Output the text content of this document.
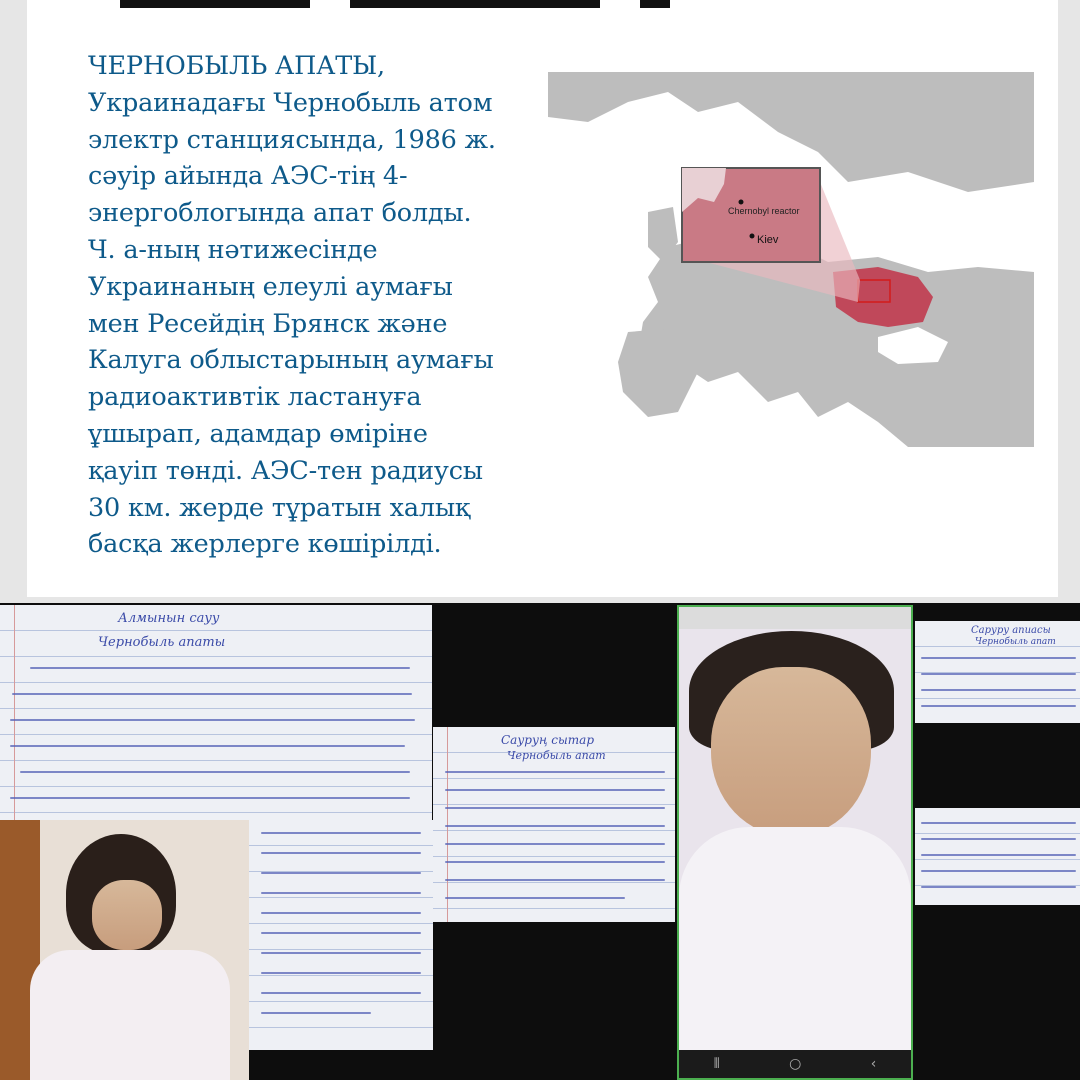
ЧЕРНОБЫЛЬ АПАТЫ,
Украинадағы Чернобыль атом
электр станциясында, 1986 ж.
сәуір айында АЭС-тің 4-
энергоблогында апат болды.
Ч. а-ның нәтижесінде
Украинаның елеулі аумағы
мен Ресейдің Брянск және
Калуга облыстарының аумағы
радиоактивтік ластануға
ұшырап, адамдар өміріне
қауіп төнді. АЭС-тен радиусы
30 км. жерде тұратын халық
басқа жерлерге көшірілді.
Chernobyl reactor
Kiev
Алмынын сауу
Чернобыль апаты
Сауруң сытар
Чернобыль апат
⦀	○	‹
Саруру апиасы
Чернобыль апат
